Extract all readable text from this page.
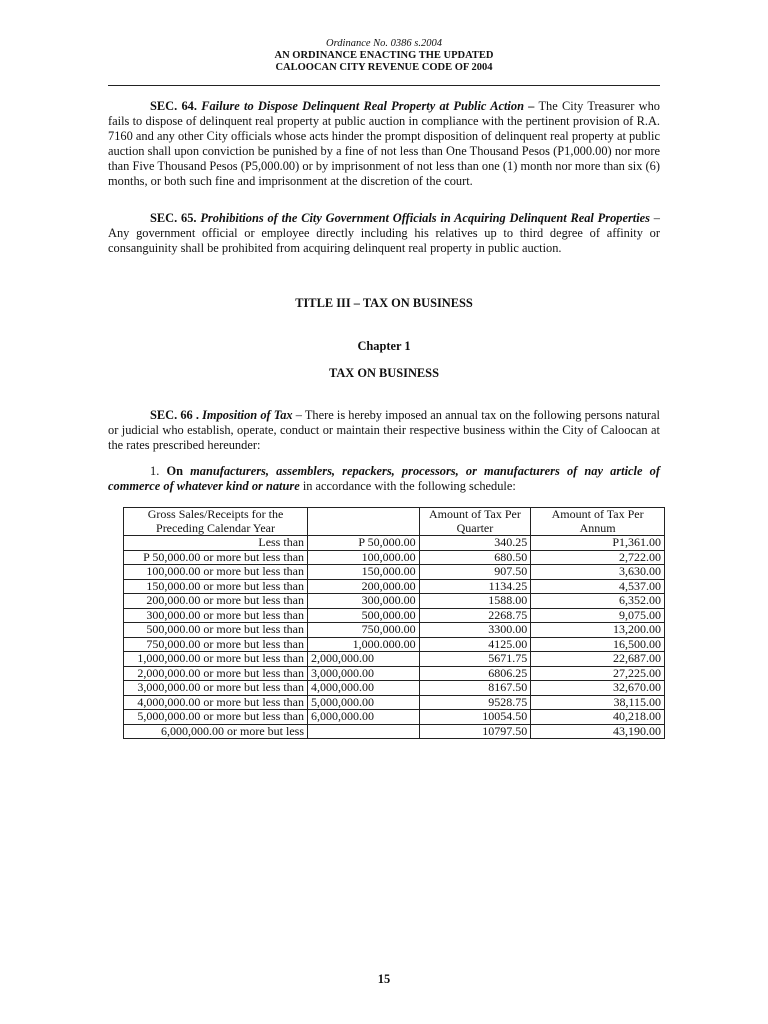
Ordinance No. 0386 s.2004
AN ORDINANCE ENACTING THE UPDATED
CALOOCAN CITY REVENUE CODE OF 2004

SEC. 64. Failure to Dispose Delinquent Real Property at Public Action – The City Treasurer who fails to dispose of delinquent real property at public auction in compliance with the pertinent provision of R.A. 7160 and any other City officials whose acts hinder the prompt disposition of delinquent real property at public auction shall upon conviction be punished by a fine of not less than One Thousand Pesos (P1,000.00) nor more than Five Thousand Pesos (P5,000.00) or by imprisonment of not less than one (1) month nor more than six (6) months, or both such fine and imprisonment at the discretion of the court.

SEC. 65. Prohibitions of the City Government Officials in Acquiring Delinquent Real Properties – Any government official or employee directly including his relatives up to third degree of affinity or consanguinity shall be prohibited from acquiring delinquent real property in public auction.

TITLE III – TAX ON BUSINESS
Chapter 1
TAX ON BUSINESS

SEC. 66 . Imposition of Tax – There is hereby imposed an annual tax on the following persons natural or judicial who establish, operate, conduct or maintain their respective business within the City of Caloocan at the rates prescribed hereunder:

1. On manufacturers, assemblers, repackers, processors, or manufacturers of nay article of commerce of whatever kind or nature in accordance with the following schedule:

Gross Sales/Receipts for the Preceding Calendar Year		Amount of Tax Per Quarter	Amount of Tax Per Annum
Less than	P 50,000.00	340.25	P1,361.00
P 50,000.00 or more but less than	100,000.00	680.50	2,722.00
100,000.00 or more but less than	150,000.00	907.50	3,630.00
150,000.00 or more but less than	200,000.00	1134.25	4,537.00
200,000.00 or more but less than	300,000.00	1588.00	6,352.00
300,000.00 or more but less than	500,000.00	2268.75	9,075.00
500,000.00 or more but less than	750,000.00	3300.00	13,200.00
750,000.00 or more but less than	1,000.000.00	4125.00	16,500.00
1,000,000.00 or more but less than	2,000,000.00	5671.75	22,687.00
2,000,000.00 or more but less than	3,000,000.00	6806.25	27,225.00
3,000,000.00 or more but less than	4,000,000.00	8167.50	32,670.00
4,000,000.00 or more but less than	5,000,000.00	9528.75	38,115.00
5,000,000.00 or more but less than	6,000,000.00	10054.50	40,218.00
6,000,000.00 or more but less		10797.50	43,190.00
15
